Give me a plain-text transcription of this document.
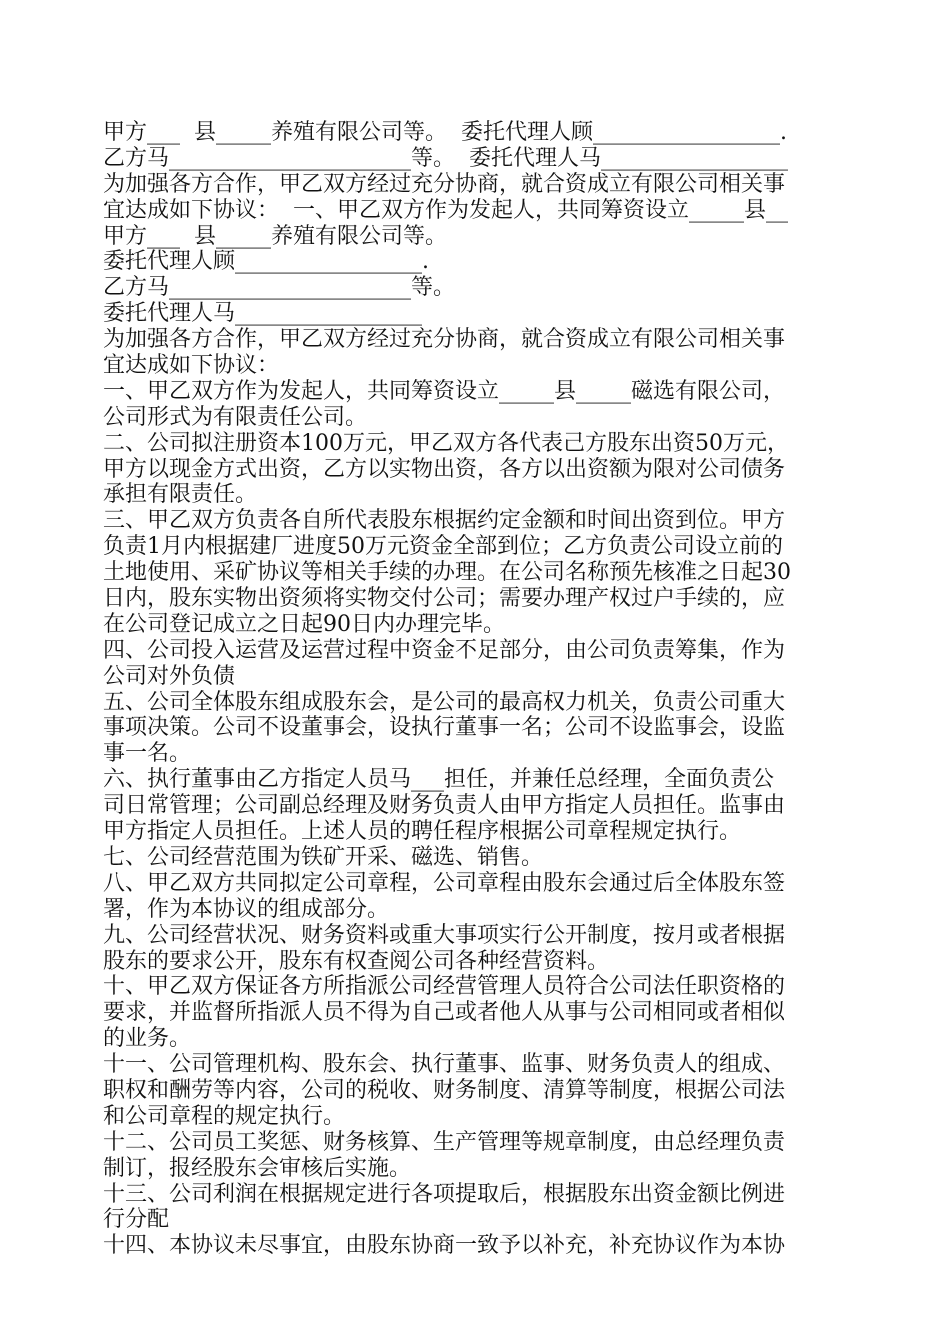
甲方___  县_____养殖有限公司等。  委托代理人顾_________________.
乙方马______________________等。  委托代理人马_________________
为加强各方合作，甲乙双方经过充分协商，就合资成立有限公司相关事
宜达成如下协议：  一、甲乙双方作为发起人，共同筹资设立_____县__
甲方___  县_____养殖有限公司等。
委托代理人顾_________________.
乙方马______________________等。
委托代理人马_________________
为加强各方合作，甲乙双方经过充分协商，就合资成立有限公司相关事
宜达成如下协议：
一、甲乙双方作为发起人，共同筹资设立_____县_____磁选有限公司，
公司形式为有限责任公司。
二、公司拟注册资本100万元，甲乙双方各代表己方股东出资50万元，
甲方以现金方式出资，乙方以实物出资，各方以出资额为限对公司债务
承担有限责任。
三、甲乙双方负责各自所代表股东根据约定金额和时间出资到位。甲方
负责1月内根据建厂进度50万元资金全部到位；乙方负责公司设立前的
土地使用、采矿协议等相关手续的办理。在公司名称预先核准之日起30
日内，股东实物出资须将实物交付公司；需要办理产权过户手续的，应
在公司登记成立之日起90日内办理完毕。
四、公司投入运营及运营过程中资金不足部分，由公司负责筹集，作为
公司对外负债
五、公司全体股东组成股东会，是公司的最高权力机关，负责公司重大
事项决策。公司不设董事会，设执行董事一名；公司不设监事会，设监
事一名。
六、执行董事由乙方指定人员马___担任，并兼任总经理，全面负责公
司日常管理；公司副总经理及财务负责人由甲方指定人员担任。监事由
甲方指定人员担任。上述人员的聘任程序根据公司章程规定执行。
七、公司经营范围为铁矿开采、磁选、销售。
八、甲乙双方共同拟定公司章程，公司章程由股东会通过后全体股东签
署，作为本协议的组成部分。
九、公司经营状况、财务资料或重大事项实行公开制度，按月或者根据
股东的要求公开，股东有权查阅公司各种经营资料。
十、甲乙双方保证各方所指派公司经营管理人员符合公司法任职资格的
要求，并监督所指派人员不得为自己或者他人从事与公司相同或者相似
的业务。
十一、公司管理机构、股东会、执行董事、监事、财务负责人的组成、
职权和酬劳等内容，公司的税收、财务制度、清算等制度，根据公司法
和公司章程的规定执行。
十二、公司员工奖惩、财务核算、生产管理等规章制度，由总经理负责
制订，报经股东会审核后实施。
十三、公司利润在根据规定进行各项提取后，根据股东出资金额比例进
行分配
十四、本协议未尽事宜，由股东协商一致予以补充，补充协议作为本协
